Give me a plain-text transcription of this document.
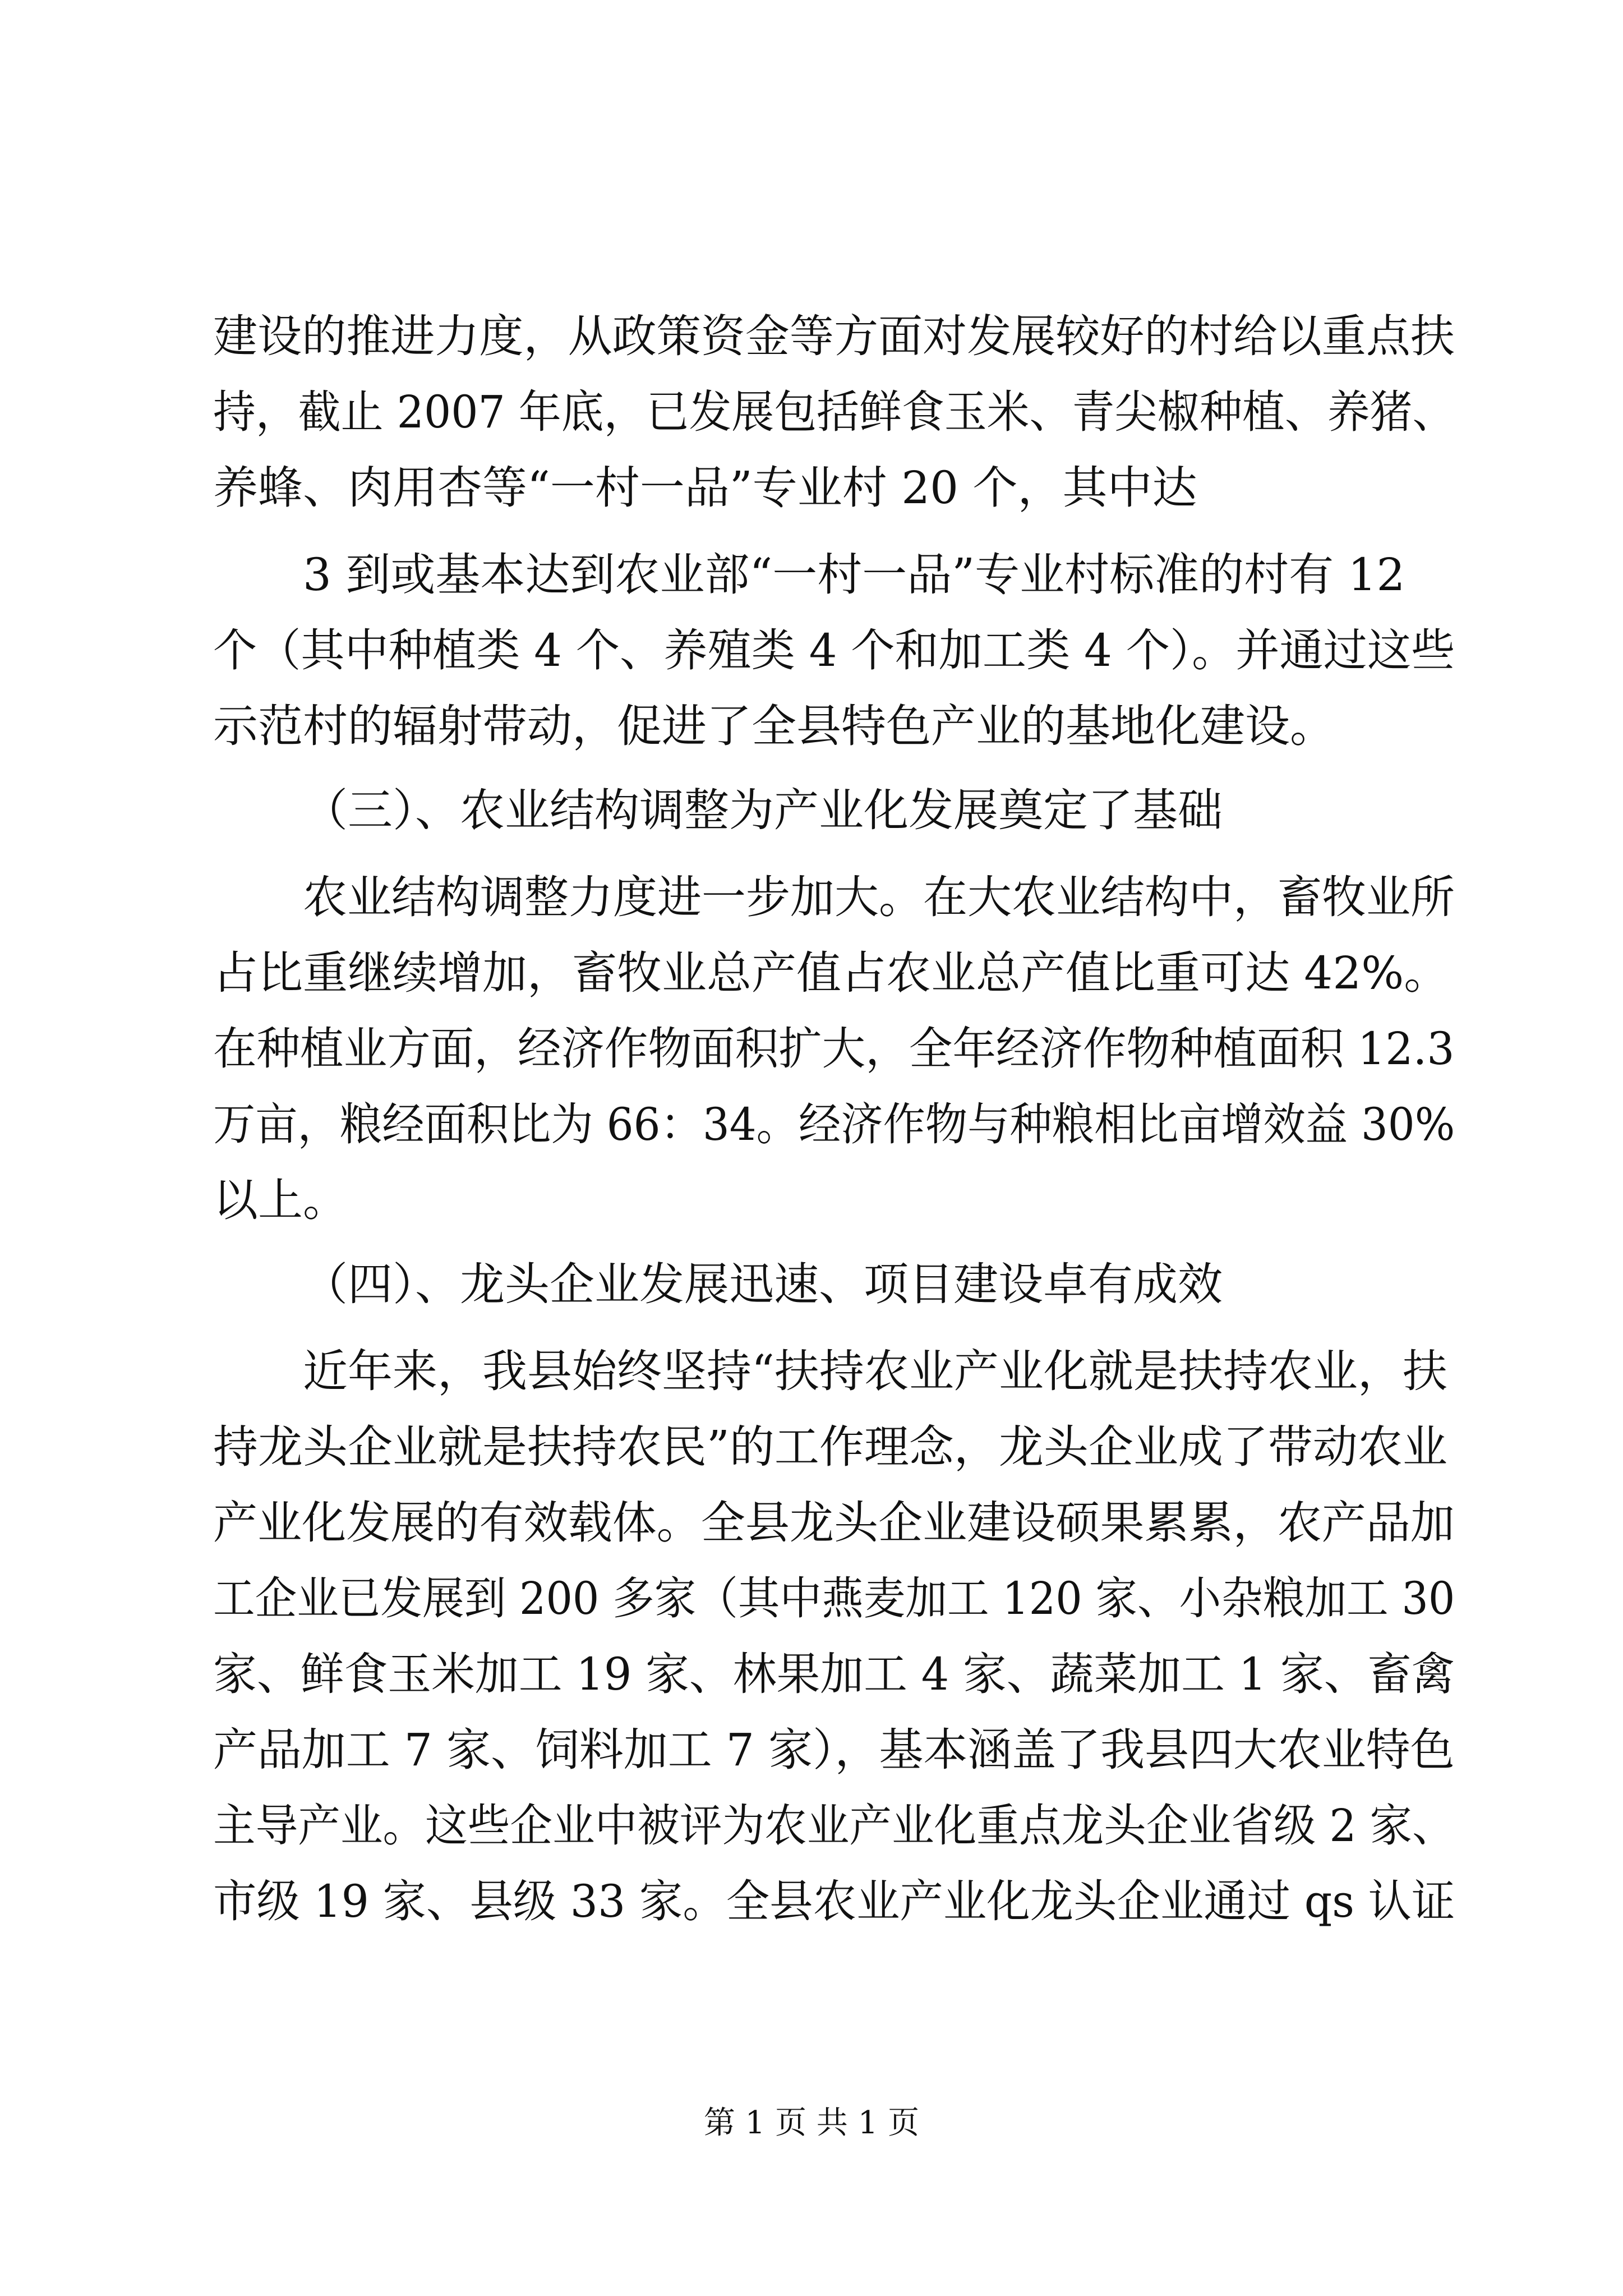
建设的推进力度，从政策资金等方面对发展较好的村给以重点扶
持，截止 2007 年底，已发展包括鲜食玉米、青尖椒种植、养猪、
养蜂、肉用杏等“一村一品”专业村 20 个，其中达
3 到或基本达到农业部“一村一品”专业村标准的村有 12
个（其中种植类 4 个、养殖类 4 个和加工类 4 个）。并通过这些
示范村的辐射带动，促进了全县特色产业的基地化建设。
（三）、农业结构调整为产业化发展奠定了基础
农业结构调整力度进一步加大。在大农业结构中，畜牧业所
占比重继续增加，畜牧业总产值占农业总产值比重可达 42%。
在种植业方面，经济作物面积扩大，全年经济作物种植面积 12.3
万亩，粮经面积比为 66：34。经济作物与种粮相比亩增效益 30%
以上。
（四）、龙头企业发展迅速、项目建设卓有成效
近年来，我县始终坚持“扶持农业产业化就是扶持农业，扶
持龙头企业就是扶持农民”的工作理念，龙头企业成了带动农业
产业化发展的有效载体。全县龙头企业建设硕果累累，农产品加
工企业已发展到 200 多家（其中燕麦加工 120 家、小杂粮加工 30
家、鲜食玉米加工 19 家、林果加工 4 家、蔬菜加工 1 家、畜禽
产品加工 7 家、饲料加工 7 家），基本涵盖了我县四大农业特色
主导产业。这些企业中被评为农业产业化重点龙头企业省级 2 家、
市级 19 家、县级 33 家。全县农业产业化龙头企业通过 qs 认证
第 1 页 共 1 页
